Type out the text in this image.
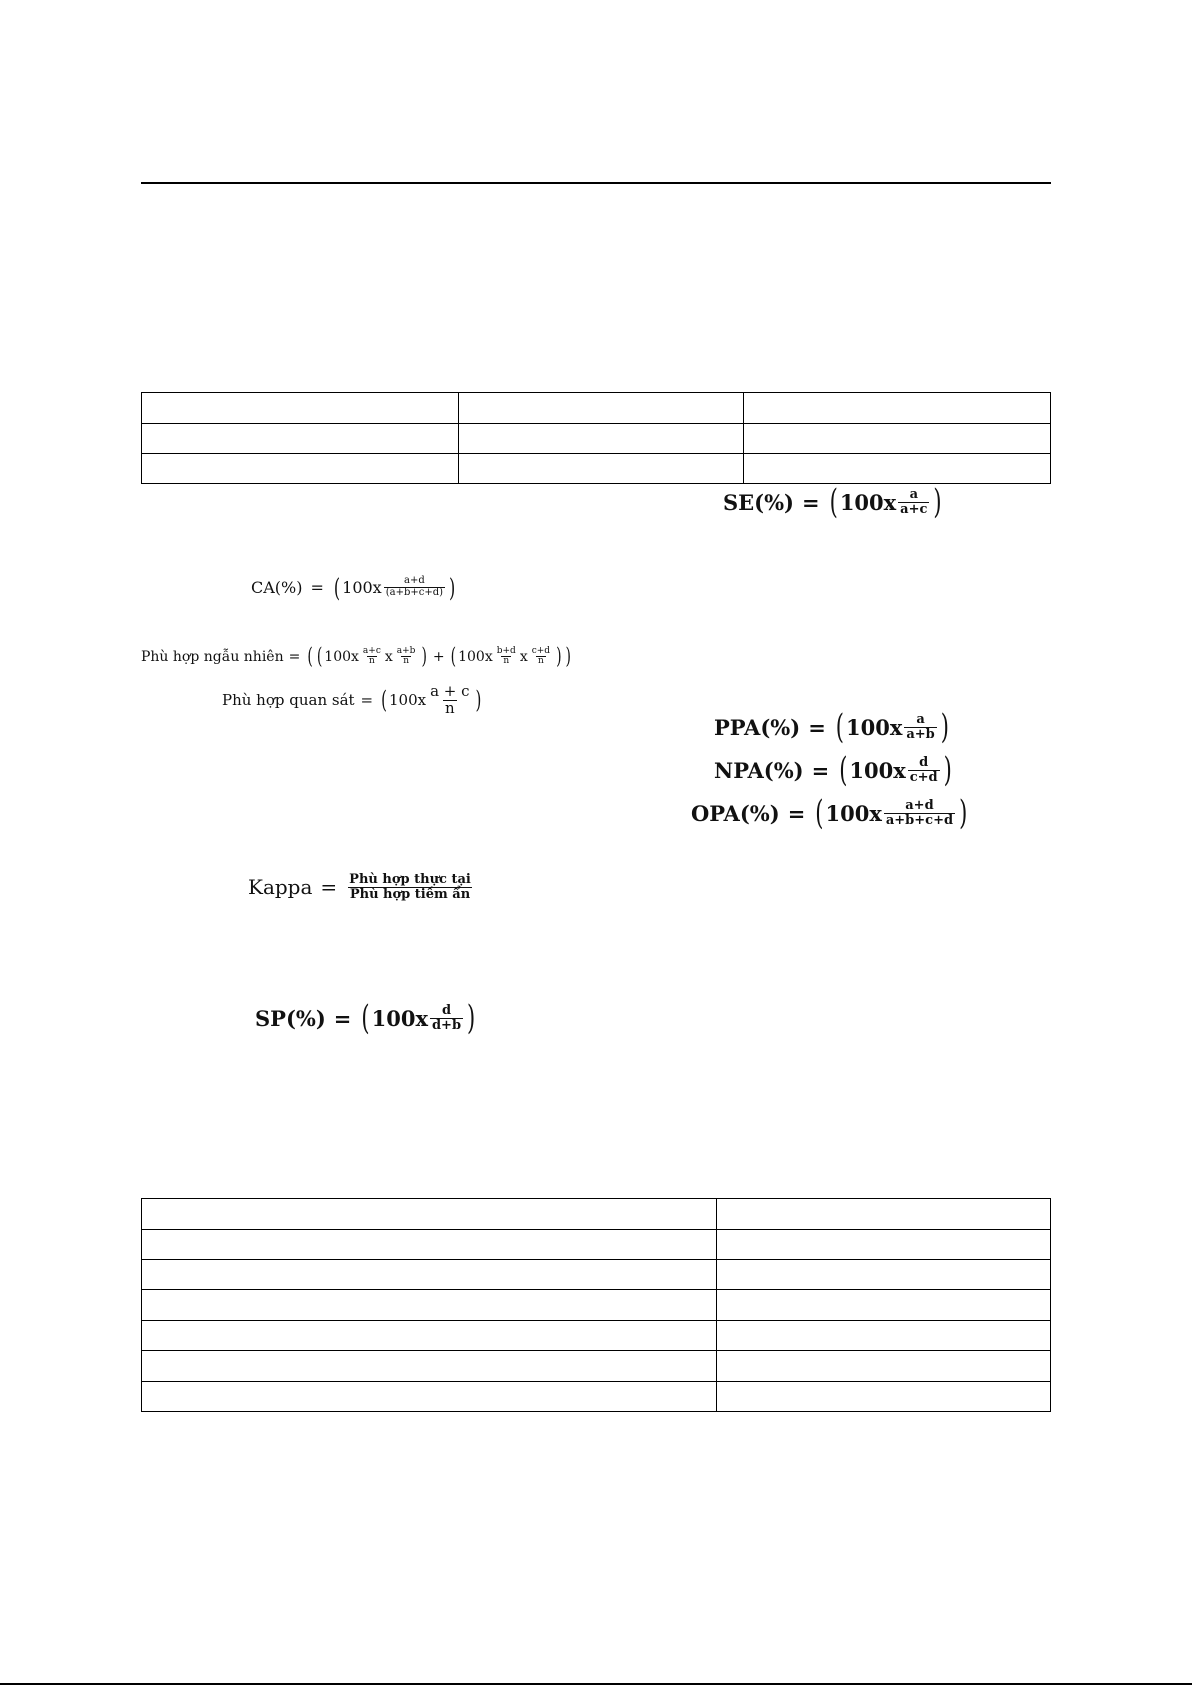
SE(%) = ( $100x \frac{a}{a+c}$ )
CA(%) = ( $100x \frac{a+d}{(a+b+c+d)}$ )
Phù hợp ngẫu nhiên = ( ( $100x \frac{a+c}{n}$ x $\frac{a+b}{n}$ ) + ( $100x \frac{b+d}{n}$ x $\frac{c+d}{n}$ ) )
Phù hợp quan sát = ( $100x \frac{a + c}{n}$ )
PPA(%) = ( $100x \frac{a}{a+b}$ )
NPA(%) = ( $100x \frac{d}{c+d}$ )
OPA(%) = ( $100x \frac{a+d}{a+b+c+d}$ )
Kappa = $\frac{\text{Phù hợp thực tại}}{\text{Phù hợp tiềm ẩn}}$
SP(%) = ( $100x \frac{d}{d+b}$ )
